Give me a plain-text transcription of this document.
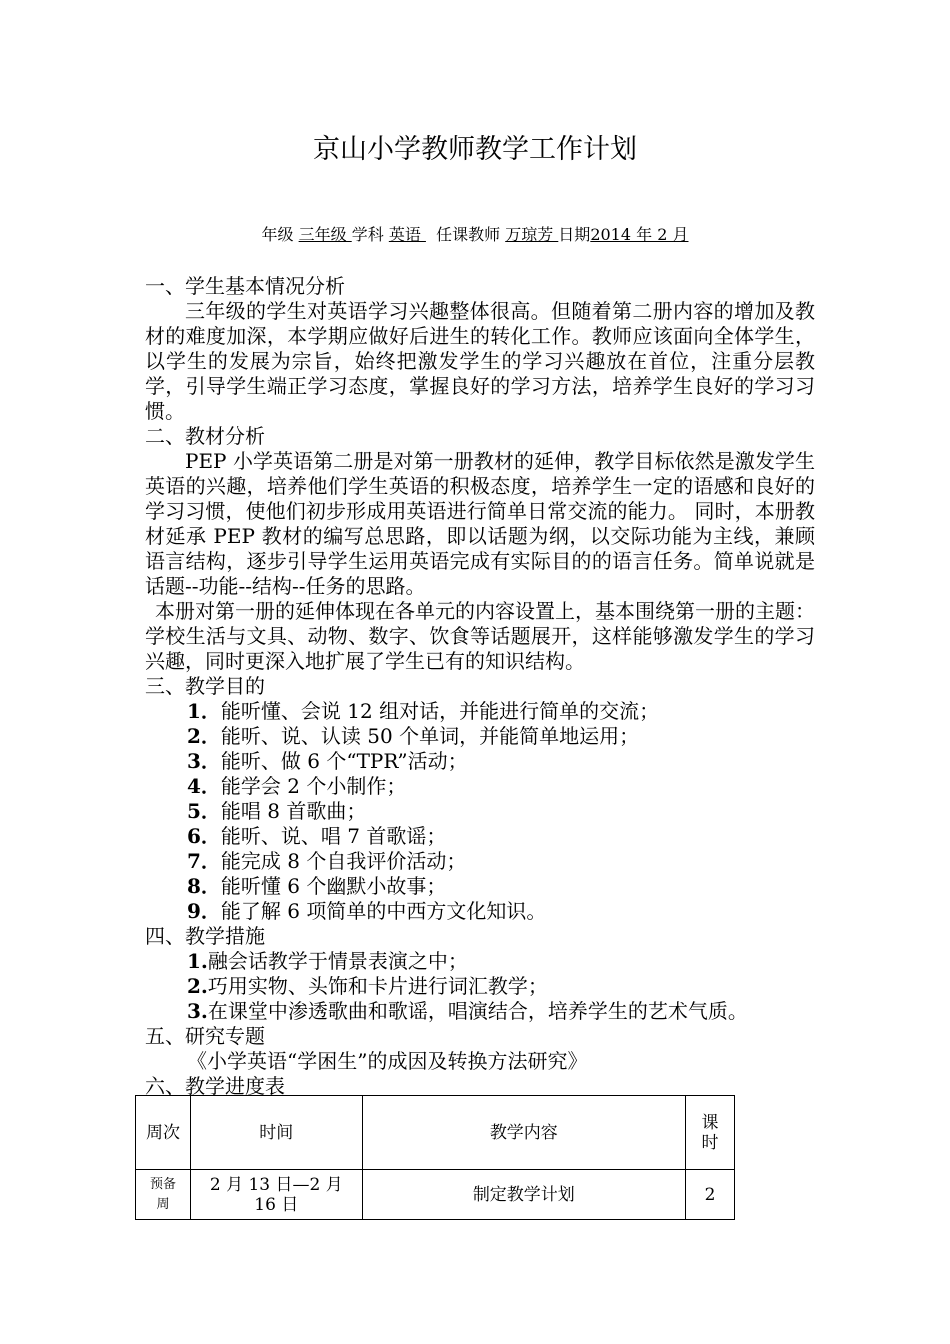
京山小学教师教学工作计划
年级 三年级 学科 英语   任课教师 万琼芳 日期2014 年 2 月

一、学生基本情况分析

三年级的学生对英语学习兴趣整体很高。但随着第二册内容的增加及教材的难度加深，本学期应做好后进生的转化工作。教师应该面向全体学生，以学生的发展为宗旨，始终把激发学生的学习兴趣放在首位，注重分层教学，引导学生端正学习态度，掌握良好的学习方法，培养学生良好的学习习惯。

二、教材分析

PEP 小学英语第二册是对第一册教材的延伸，教学目标依然是激发学生英语的兴趣，培养他们学生英语的积极态度，培养学生一定的语感和良好的学习习惯，使他们初步形成用英语进行简单日常交流的能力。 同时，本册教材延承 PEP 教材的编写总思路，即以话题为纲，以交际功能为主线，兼顾语言结构，逐步引导学生运用英语完成有实际目的的语言任务。简单说就是话题--功能--结构--任务的思路。

本册对第一册的延伸体现在各单元的内容设置上，基本围绕第一册的主题：学校生活与文具、动物、数字、饮食等话题展开，这样能够激发学生的学习兴趣，同时更深入地扩展了学生已有的知识结构。

三、教学目的

1．能听懂、会说 12 组对话，并能进行简单的交流；

2．能听、说、认读 50 个单词，并能简单地运用；

3．能听、做 6 个“TPR”活动；

4．能学会 2 个小制作；

5．能唱 8 首歌曲；

6．能听、说、唱 7 首歌谣；

7．能完成 8 个自我评价活动；

8．能听懂 6 个幽默小故事；

9．能了解 6 项简单的中西方文化知识。

四、教学措施

1.融会话教学于情景表演之中；

2.巧用实物、头饰和卡片进行词汇教学；

3.在课堂中渗透歌曲和歌谣，唱演结合，培养学生的艺术气质。

五、研究专题

《小学英语“学困生”的成因及转换方法研究》

六、教学进度表

周次	时间	教学内容	课时
预备周	2 月 13 日—2 月 16 日	制定教学计划	2
